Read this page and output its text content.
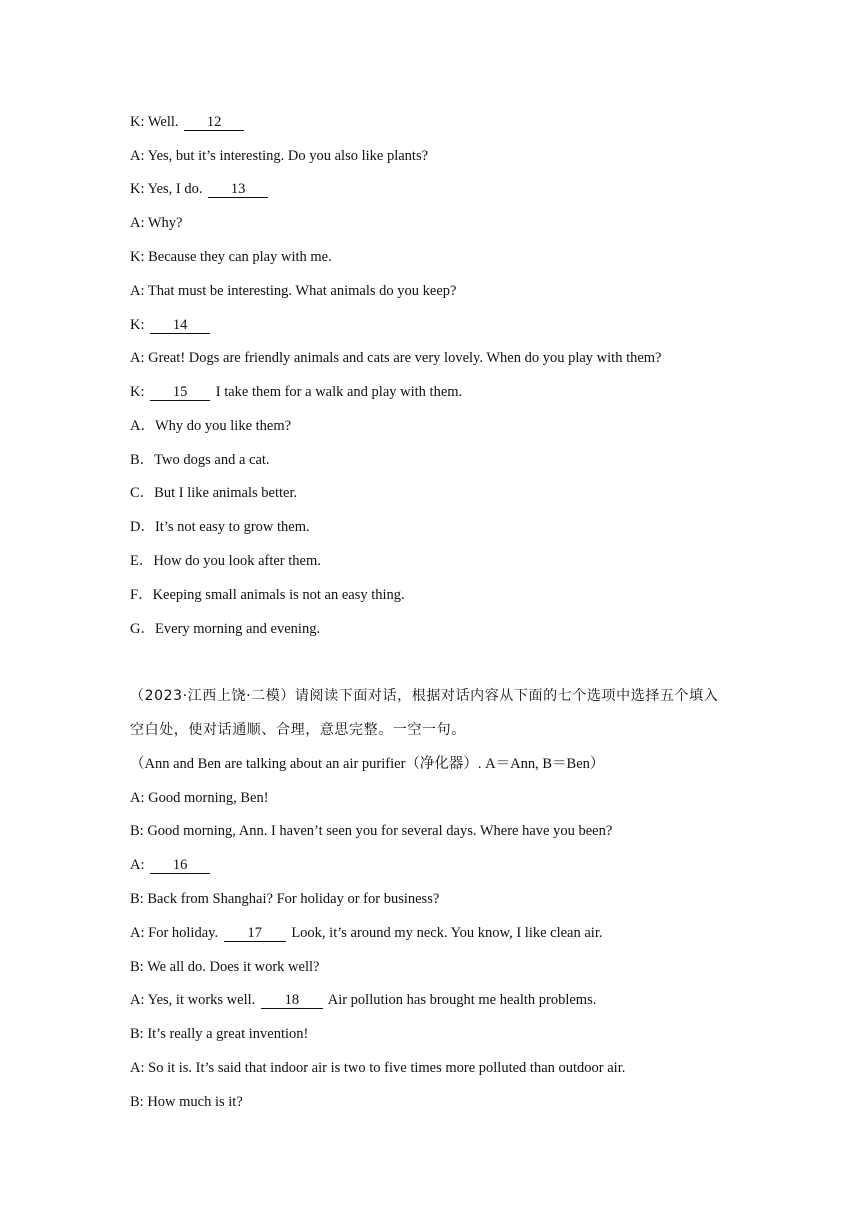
K: Well. 12
A: Yes, but it’s interesting. Do you also like plants?
K: Yes, I do. 13
A: Why?
K: Because they can play with me.
A: That must be interesting. What animals do you keep?
K: 14
A: Great! Dogs are friendly animals and cats are very lovely. When do you play with them?
K: 15 I take them for a walk and play with them.
A．Why do you like them?
B．Two dogs and a cat.
C．But I like animals better.
D．It’s not easy to grow them.
E．How do you look after them.
F．Keeping small animals is not an easy thing.
G．Every morning and evening.
（2023·江西上饶·二模）请阅读下面对话，根据对话内容从下面的七个选项中选择五个填入
空白处，使对话通顺、合理，意思完整。一空一句。
（Ann and Ben are talking about an air purifier（净化器）. A＝Ann, B＝Ben）
A: Good morning, Ben!
B: Good morning, Ann. I haven’t seen you for several days. Where have you been?
A: 16
B: Back from Shanghai? For holiday or for business?
A: For holiday. 17 Look, it’s around my neck. You know, I like clean air.
B: We all do. Does it work well?
A: Yes, it works well. 18 Air pollution has brought me health problems.
B: It’s really a great invention!
A: So it is. It’s said that indoor air is two to five times more polluted than outdoor air.
B: How much is it?
